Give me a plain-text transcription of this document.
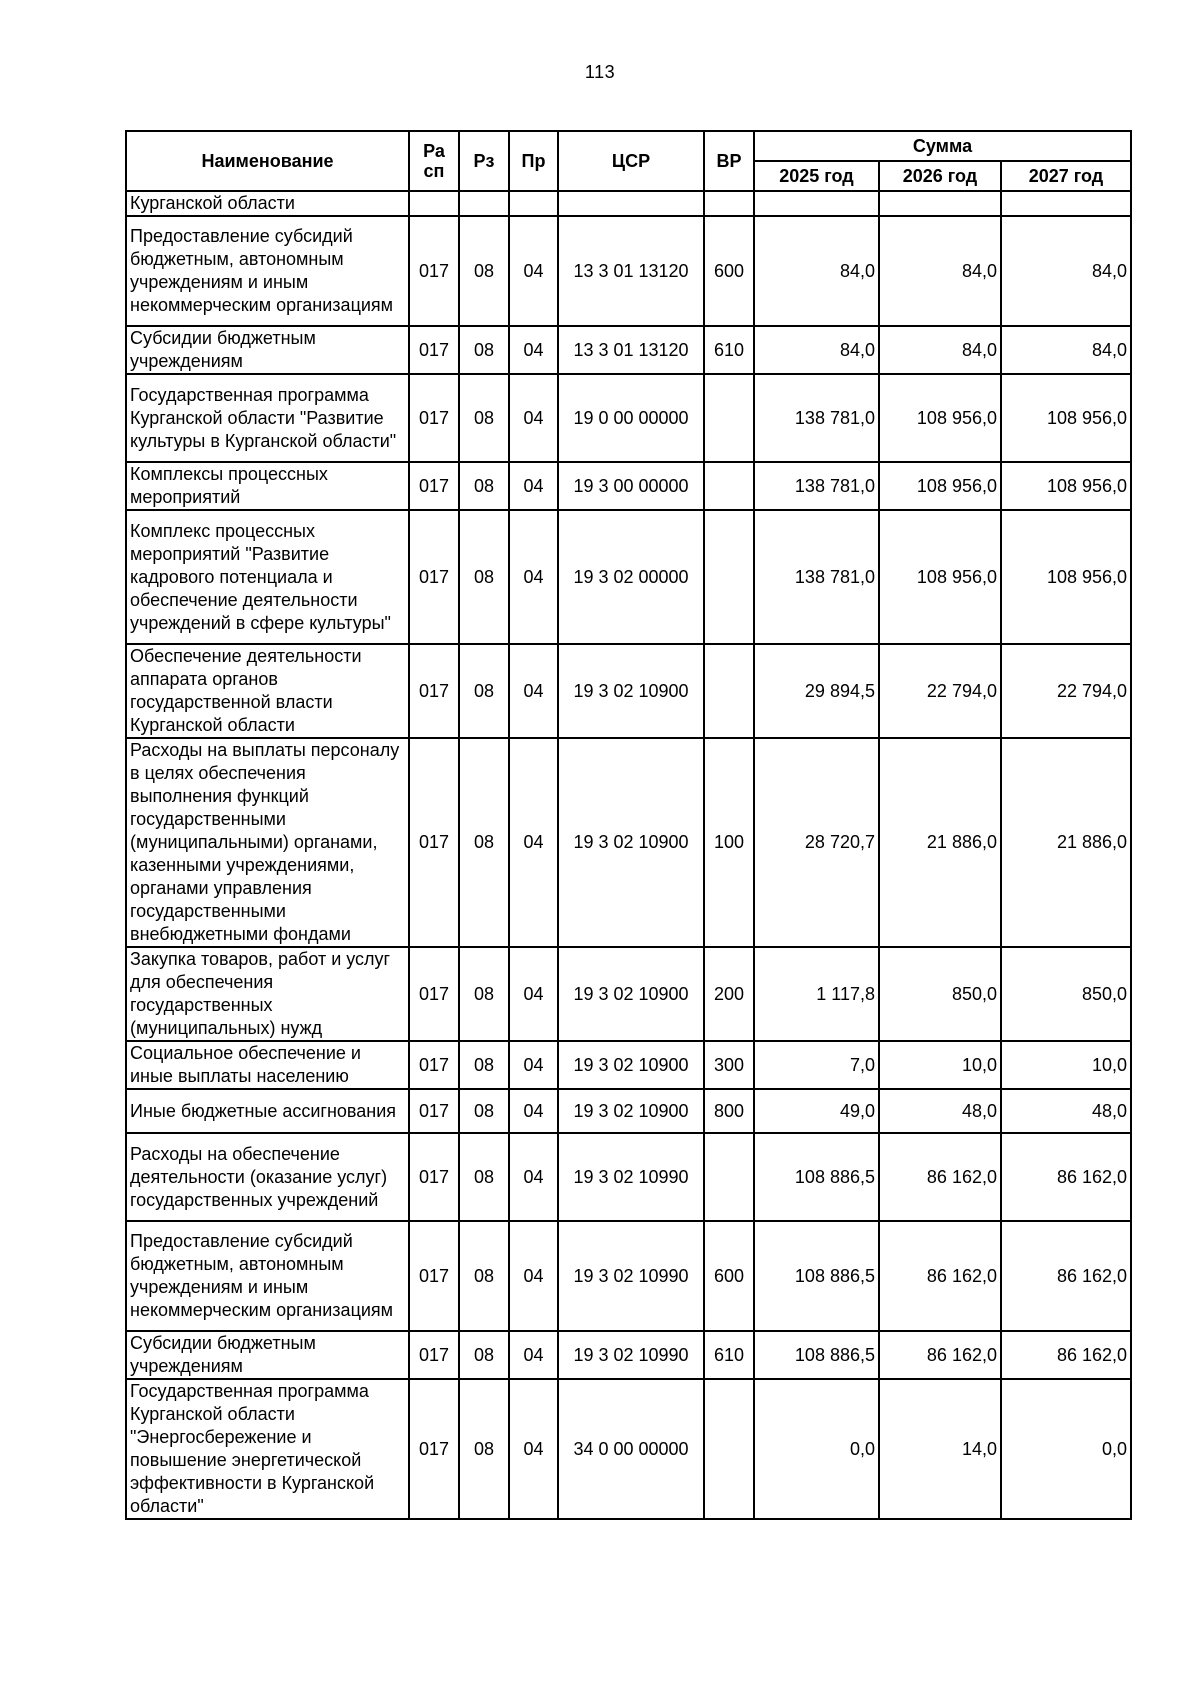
113
Наименование	Ра сп	Рз	Пр	ЦСР	ВР	Сумма		
						2025 год	2026 год	2027 год
Курганской области								
Предоставление субсидий бюджетным, автономным учреждениям и иным некоммерческим организациям	017	08	04	13 3 01 13120	600	84,0	84,0	84,0
Субсидии бюджетным учреждениям	017	08	04	13 3 01 13120	610	84,0	84,0	84,0
Государственная программа Курганской области "Развитие культуры в Курганской области"	017	08	04	19 0 00 00000		138 781,0	108 956,0	108 956,0
Комплексы процессных мероприятий	017	08	04	19 3 00 00000		138 781,0	108 956,0	108 956,0
Комплекс процессных мероприятий "Развитие кадрового потенциала и обеспечение деятельности учреждений в сфере культуры"	017	08	04	19 3 02 00000		138 781,0	108 956,0	108 956,0
Обеспечение деятельности аппарата органов государственной власти Курганской области	017	08	04	19 3 02 10900		29 894,5	22 794,0	22 794,0
Расходы на выплаты персоналу в целях обеспечения выполнения функций государственными (муниципальными) органами, казенными учреждениями, органами управления государственными внебюджетными фондами	017	08	04	19 3 02 10900	100	28 720,7	21 886,0	21 886,0
Закупка товаров, работ и услуг для обеспечения государственных (муниципальных) нужд	017	08	04	19 3 02 10900	200	1 117,8	850,0	850,0
Социальное обеспечение и иные выплаты населению	017	08	04	19 3 02 10900	300	7,0	10,0	10,0
Иные бюджетные ассигнования	017	08	04	19 3 02 10900	800	49,0	48,0	48,0
Расходы на обеспечение деятельности (оказание услуг) государственных учреждений	017	08	04	19 3 02 10990		108 886,5	86 162,0	86 162,0
Предоставление субсидий бюджетным, автономным учреждениям и иным некоммерческим организациям	017	08	04	19 3 02 10990	600	108 886,5	86 162,0	86 162,0
Субсидии бюджетным учреждениям	017	08	04	19 3 02 10990	610	108 886,5	86 162,0	86 162,0
Государственная программа Курганской области "Энергосбережение и повышение энергетической эффективности в Курганской области"	017	08	04	34 0 00 00000		0,0	14,0	0,0
